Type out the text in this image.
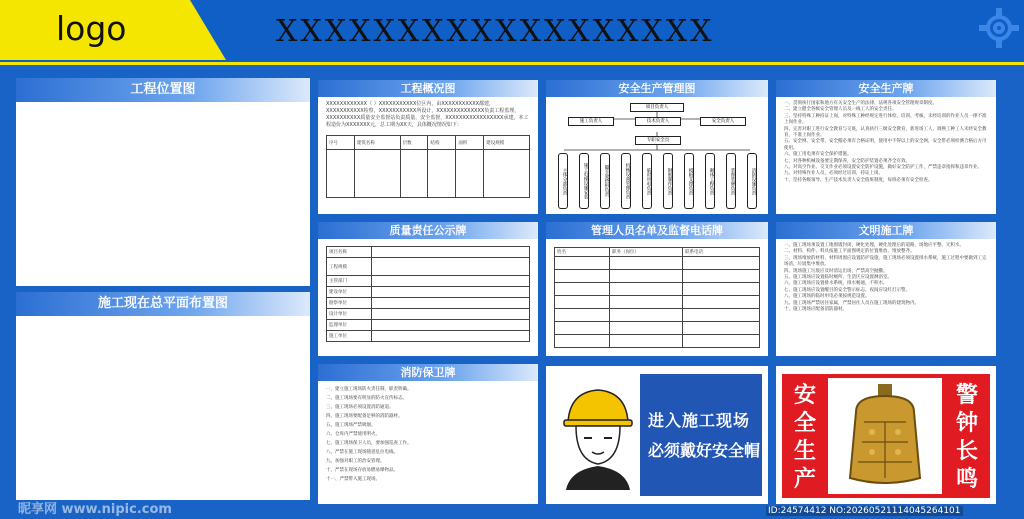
logo	XXXXXXXXXXXXXXXXXX
工程位置图
施工现在总平面布置图
工程概况图
XXXXXXXXXXXX（ ）XXXXXXXXXXX位区内，由XXXXXXXXXXX都建，XXXXXXXXXXX检察，XXXXXXXXXXX所设计，XXXXXXXXXXXXXX负责工程监理，XXXXXXXXXX质量安全监督站负责质量、安全监督，XXXXXXXXXXXXXXXXX承建。本工程造价为XXXXXXX元，总工期为XX天，具体概况情况如下：
序号	建筑名称	层数	结构	面积	建设规模

安全生产管理图
项目负责人
施工负责人	技术负责人	安全负责人
专职安全员
主体分部负责	施工电梯设施安装	脚手架搭拆负责	机械设备管理负责	临时用电负责	钢筋制作负责	模板支撑负责	砌体工程负责	装饰装修负责	消防设施负责
安全生产牌
一、贯彻执行国家和地方有关安全生产的法律、法规各项安全管理规章制度。
二、建立健全各级安全管理人员及一线工人的安全责任。
三、坚持特殊工种持证上岗，对特殊工种经规定进行体检、培训、考核，未经培训的作业人员一律不准上岗作业。
四、完善对职工进行安全教育与交底，认真执行三级安全教育，新进场工人，调换工种工人未经安全教育，不准上岗作业。
五、安全网、安全带、安全帽必须有合格证明，使用中不得以上的安全网，安全带必须检测合格后方可使用。
六、施工用电须有安全保护措施。
七、对各种机械设备要定期保养，安全防护装置必须齐全有效。
八、对高空作业、交叉作业必须设置安全防护设施，做好安全防护工作，严禁违章指挥和违章作业。
九、对特殊作业人员，必须经过培训，持证上岗。
十、坚持各级领导、生产技术负责人安全值班制度，每班必须有安全检查。
质量责任公示牌
项目名称	
工程规模	
主管部门	
建设单位	
勘察单位	
设计单位	
监理单位	
施工单位	
管理人员名单及监督电话牌
姓名	职务（岗位）	联系电话

文明施工牌
一、施工现场须设置工地围墙封闭，硬化处理，硬化处理后的道路，场地应平整、无积水。
二、材料、构件、料具按施工平面图规定的位置堆放，堆放整齐。
三、现场堆放的材料，材料周围应设置防护设施，施工现场必须设置排水系统，施工过程中要做到工完场清，垃圾集中堆放。
四、现场施工垃圾应及时清运出场，严禁高空抛撒。
五、施工现场应设置临时厕所，生活区应设置淋浴室。
六、施工现场应设置排水系统，排水畅通，不积水。
七、施工现场应设置醒目的安全警示标志，夜间应设红灯示警。
八、施工现场的临时用电必须按规范设置。
九、施工现场严禁居住家属，严禁居住人员在施工现场的建筑物内。
十、施工现场应配备消防器材。
消防保卫牌
一、建立施工现场防火责任制，职责明确。
二、施工现场要有明显的防火宣传标志。
三、施工现场必须设置消防通道。
四、施工现场要配备足够的消防器材。
五、施工现场严禁吸烟。
六、仓库内严禁使用明火。
七、施工现场保卫人员，要加强巡查工作。
八、严禁在施工现场随意乱拉电线。
九、加强对职工的治安管理。
十、严禁在现场存放易燃易爆物品。
十一、严禁带入施工现场。
进入施工现场
必须戴好安全帽
安全生产
警钟长鸣
昵享网 www.nipic.com	ID:24574412 NO:20260521114045264101
